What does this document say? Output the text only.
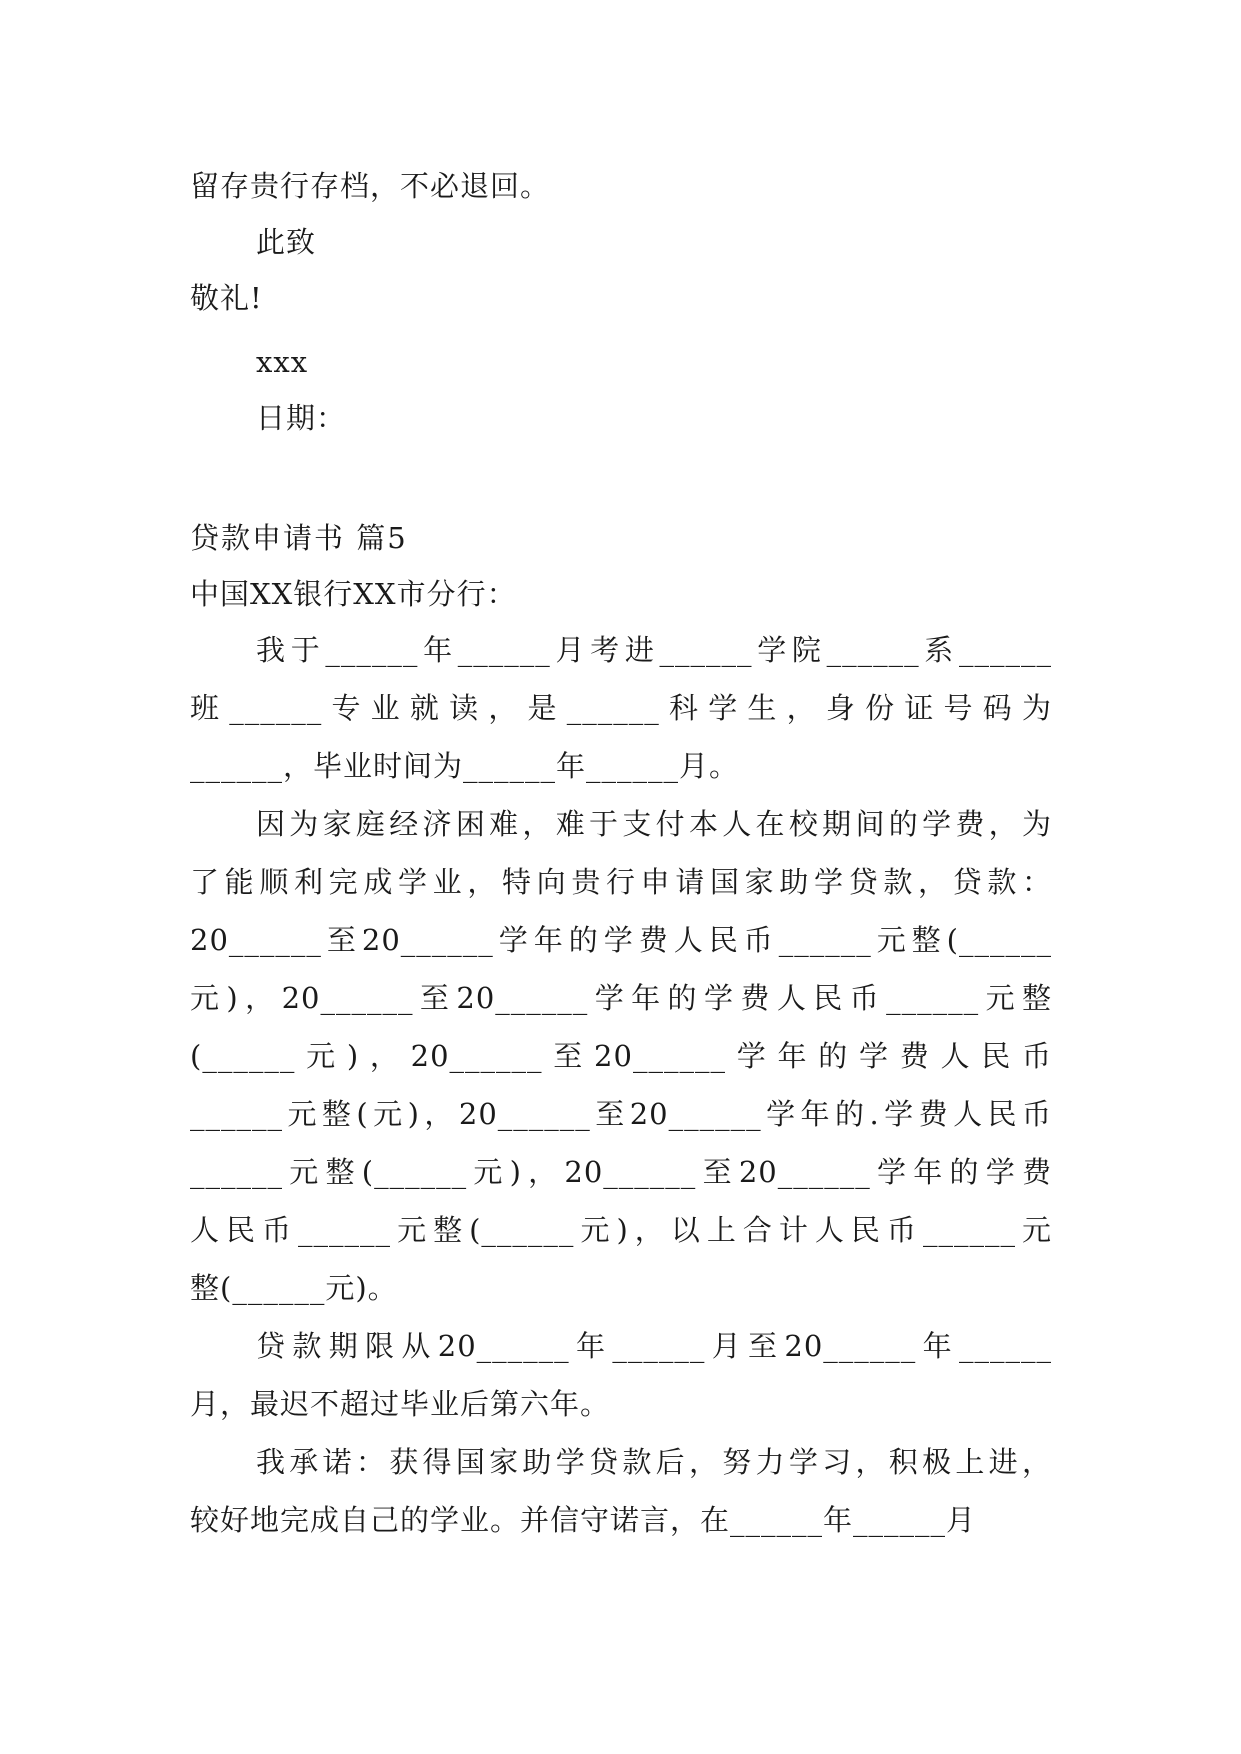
留存贵行存档，不必退回。
此致
敬礼!
xxx
日期：
贷款申请书 篇5
中国XX银行XX市分行：
我于______年______月考进______学院______系______
班______专业就读，是______科学生，身份证号码为
______，毕业时间为______年______月。
因为家庭经济困难，难于支付本人在校期间的学费，为
了能顺利完成学业，特向贵行申请国家助学贷款，贷款：
20______至20______学年的学费人民币______元整(______
元)，20______至20______学年的学费人民币______元整
(______元)，20______至20______学年的学费人民币
______元整(元)，20______至20______学年的.学费人民币
______元整(______元)，20______至20______学年的学费
人民币______元整(______元)，以上合计人民币______元
整(______元)。
贷款期限从20______年______月至20______年______
月，最迟不超过毕业后第六年。
我承诺：获得国家助学贷款后，努力学习，积极上进，
较好地完成自己的学业。并信守诺言，在______年______月
